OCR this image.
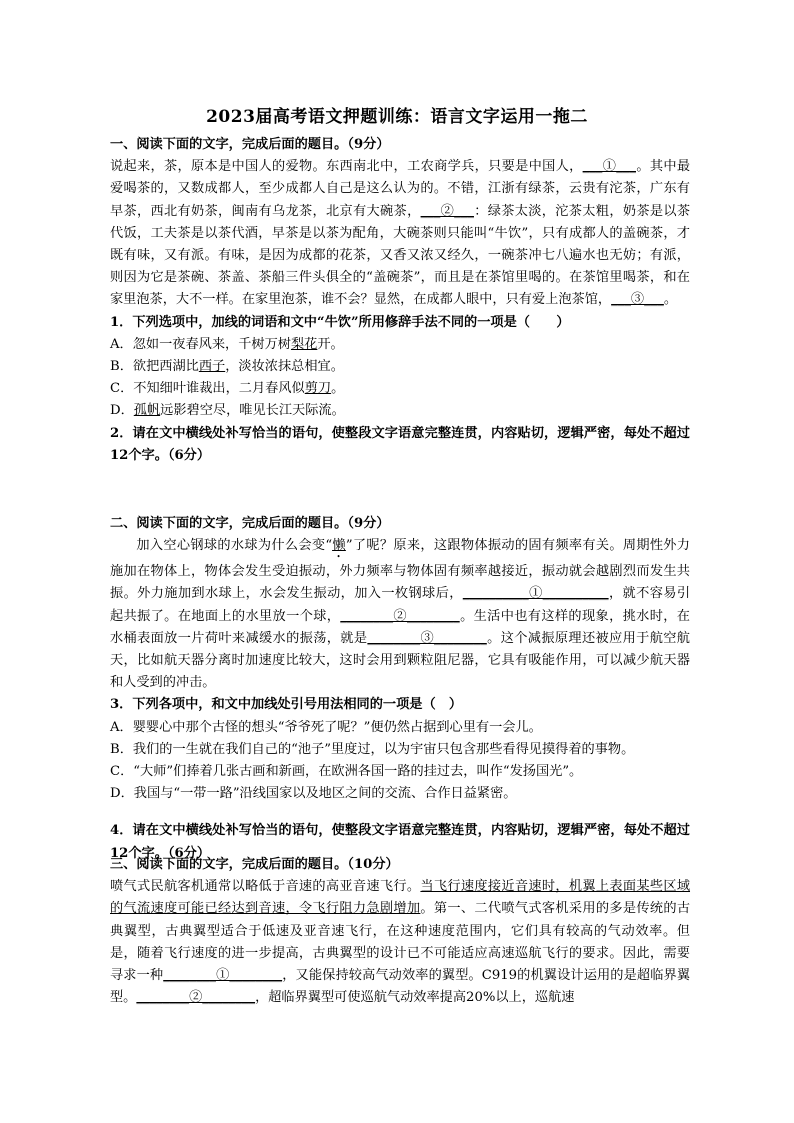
2023届高考语文押题训练：语言文字运用一拖二

一、阅读下面的文字，完成后面的题目。（9分）

说起来，茶，原本是中国人的爱物。东西南北中，工农商学兵，只要是中国人，___①___。其中最爱喝茶的，又数成都人，至少成都人自己是这么认为的。不错，江浙有绿茶，云贵有沱茶，广东有早茶，西北有奶茶，闽南有乌龙茶，北京有大碗茶，___②___：绿茶太淡，沱茶太粗，奶茶是以茶代饭，工夫茶是以茶代酒，早茶是以茶为配角，大碗茶则只能叫“牛饮”，只有成都人的盖碗茶，才既有味，又有派。有味，是因为成都的花茶，又香又浓又经久，一碗茶冲七八遍水也无妨；有派，则因为它是茶碗、茶盖、茶船三件头俱全的“盖碗茶”，而且是在茶馆里喝的。在茶馆里喝茶，和在家里泡茶，大不一样。在家里泡茶，谁不会？显然，在成都人眼中，只有爱上泡茶馆，___③___。

1．下列选项中，加线的词语和文中“牛饮”所用修辞手法不同的一项是（　　）

A．忽如一夜春风来，千树万树梨花开。

B．欲把西湖比西子，淡妆浓抹总相宜。

C．不知细叶谁裁出，二月春风似剪刀。

D．孤帆远影碧空尽，唯见长江天际流。

2．请在文中横线处补写恰当的语句，使整段文字语意完整连贯，内容贴切，逻辑严密，每处不超过12个字。（6分）

二、阅读下面的文字，完成后面的题目。（9分）

加入空心钢球的水球为什么会变“懒”了呢？原来，这跟物体振动的固有频率有关。周期性外力施加在物体上，物体会发生受迫振动，外力频率与物体固有频率越接近，振动就会越剧烈而发生共振。外力施加到水球上，水会发生振动，加入一枚钢球后，__________①__________，就不容易引起共振了。在地面上的水里放一个球，________②________。生活中也有这样的现象，挑水时，在水桶表面放一片荷叶来减缓水的振荡，就是________③________。这个减振原理还被应用于航空航天，比如航天器分离时加速度比较大，这时会用到颗粒阻尼器，它具有吸能作用，可以减少航天器和人受到的冲击。

3．下列各项中，和文中加线处引号用法相同的一项是（　）

A．婴婴心中那个古怪的想头“爷爷死了呢？”便仍然占据到心里有一会儿。

B．我们的一生就在我们自己的“池子”里度过，以为宇宙只包含那些看得见摸得着的事物。

C．“大师”们捧着几张古画和新画，在欧洲各国一路的挂过去，叫作“发扬国光”。

D．我国与“一带一路”沿线国家以及地区之间的交流、合作日益紧密。

4．请在文中横线处补写恰当的语句，使整段文字语意完整连贯，内容贴切，逻辑严密，每处不超过12个字。（6分）

三、阅读下面的文字，完成后面的题目。（10分）

喷气式民航客机通常以略低于音速的高亚音速飞行。当飞行速度接近音速时，机翼上表面某些区域的气流速度可能已经达到音速，令飞行阻力急剧增加。第一、二代喷气式客机采用的多是传统的古典翼型，古典翼型适合于低速及亚音速飞行，在这种速度范围内，它们具有较高的气动效率。但是，随着飞行速度的进一步提高，古典翼型的设计已不可能适应高速巡航飞行的要求。因此，需要寻求一种________①________，又能保持较高气动效率的翼型。C919的机翼设计运用的是超临界翼型。________②________，超临界翼型可使巡航气动效率提高20%以上，巡航速
